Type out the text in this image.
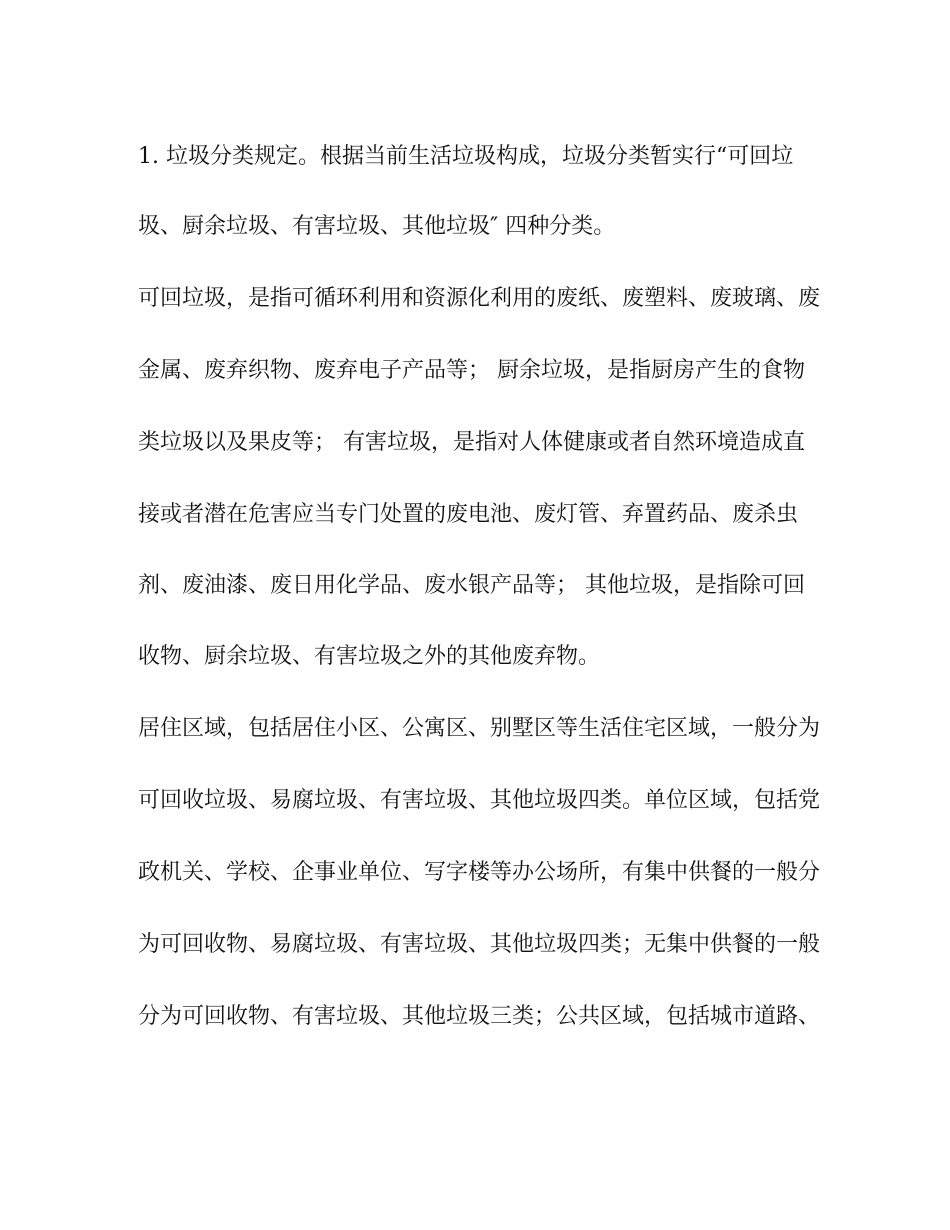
1. 垃圾分类规定。根据当前生活垃圾构成，垃圾分类暂实行“可回垃
圾、厨余垃圾、有害垃圾、其他垃圾″ 四种分类。
可回垃圾，是指可循环利用和资源化利用的废纸、废塑料、废玻璃、废
金属、废弃织物、废弃电子产品等； 厨余垃圾，是指厨房产生的食物
类垃圾以及果皮等； 有害垃圾，是指对人体健康或者自然环境造成直
接或者潜在危害应当专门处置的废电池、废灯管、弃置药品、废杀虫
剂、废油漆、废日用化学品、废水银产品等； 其他垃圾，是指除可回
收物、厨余垃圾、有害垃圾之外的其他废弃物。
居住区域，包括居住小区、公寓区、别墅区等生活住宅区域，一般分为
可回收垃圾、易腐垃圾、有害垃圾、其他垃圾四类。单位区域，包括党
政机关、学校、企事业单位、写字楼等办公场所，有集中供餐的一般分
为可回收物、易腐垃圾、有害垃圾、其他垃圾四类；无集中供餐的一般
分为可回收物、有害垃圾、其他垃圾三类；公共区域，包括城市道路、
